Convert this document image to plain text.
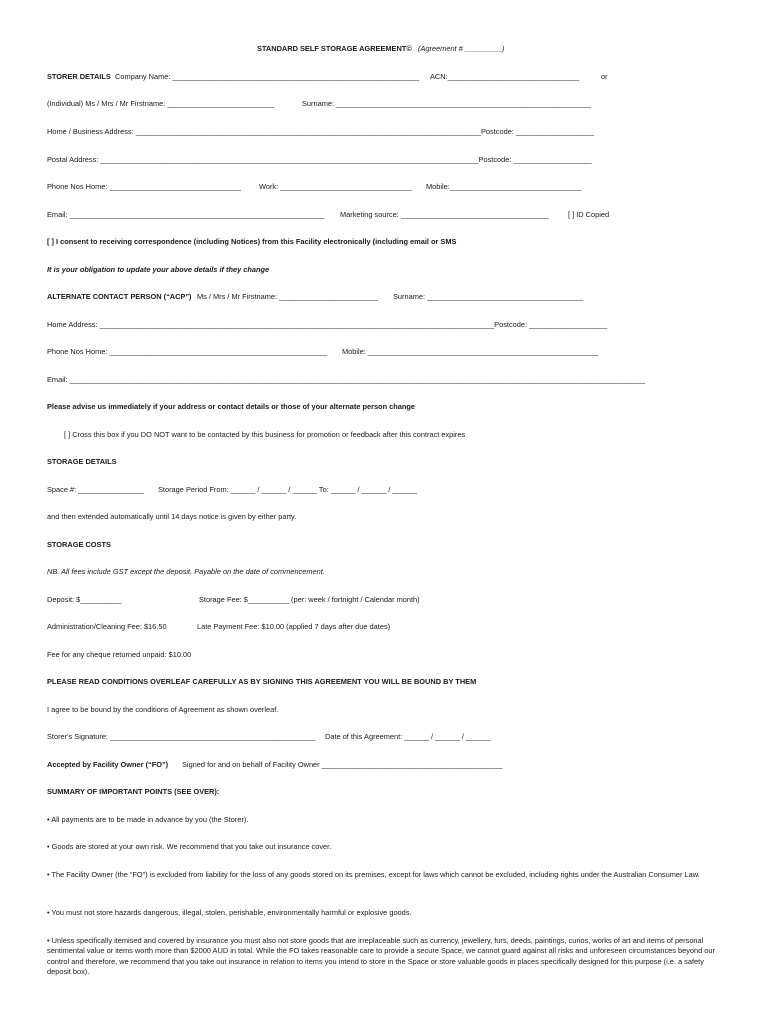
STANDARD SELF STORAGE AGREEMENT© (Agreement # _________)
STORER DETAILS Company Name: ____________________________________________________________ ACN:________________________________	or
(Individual) Ms / Mrs / Mr Firstname: __________________________	Surname: ______________________________________________________________
Home / Business Address: ____________________________________________________________________________________Postcode: ___________________
Postal Address: ____________________________________________________________________________________________Postcode: ___________________
Phone Nos Home: ________________________________ Work: ________________________________ Mobile:________________________________
Email: ______________________________________________________________ Marketing source: ____________________________________	[ ] ID Copied
[ ] I consent to receiving correspondence (including Notices) from this Facility electronically (including email or SMS
It is your obligation to update your above details if they change
ALTERNATE CONTACT PERSON (“ACP”) Ms / Mrs / Mr Firstname: ________________________ Surname: ______________________________________
Home Address: ________________________________________________________________________________________________Postcode: ___________________
Phone Nos Home: _____________________________________________________ Mobile: ________________________________________________________
Email: ____________________________________________________________________________________________________________________________________________
Please advise us immediately if your address or contact details or those of your alternate person change
[ ] Cross this box if you DO NOT want to be contacted by this business for promotion or feedback after this contract expires
STORAGE DETAILS
Space #: ________________ Storage Period From: ______ / ______ / ______ To: ______ / ______ / ______
and then extended automatically until 14 days notice is given by either party.
STORAGE COSTS
NB. All fees include GST except the deposit. Payable on the date of commencement.
Deposit: $__________	Storage Fee: $__________ (per: week / fortnight / Calendar month)
Administration/Cleaning Fee: $16.50	Late Payment Fee: $10.00 (applied 7 days after due dates)
Fee for any cheque returned unpaid: $10.00
PLEASE READ CONDITIONS OVERLEAF CAREFULLY AS BY SIGNING THIS AGREEMENT YOU WILL BE BOUND BY THEM
I agree to be bound by the conditions of Agreement as shown overleaf.
Storer's Signature: __________________________________________________ Date of this Agreement: ______ / ______ / ______
Accepted by Facility Owner (“FO”) Signed for and on behalf of Facility Owner ____________________________________________
SUMMARY OF IMPORTANT POINTS (SEE OVER):
• All payments are to be made in advance by you (the Storer).
• Goods are stored at your own risk. We recommend that you take out insurance cover.
• The Facility Owner (the “FO”) is excluded from liability for the loss of any goods stored on its premises, except for laws which cannot be excluded, including rights under the Australian Consumer Law.
• You must not store hazards dangerous, illegal, stolen, perishable, environmentally harmful or explosive goods.
• Unless specifically itemised and covered by insurance you must also not store goods that are irreplaceable such as currency, jewellery, furs, deeds, paintings, curios, works of art and items of personal sentimental value or items worth more than $2000 AUD in total. While the FO takes reasonable care to provide a secure Space, we cannot guard against all risks and unforeseen circumstances beyond our control and therefore, we recommend that you take out insurance in relation to items you intend to store in the Space or store valuable goods in places specifically designed for this purpose (i.e. a safety deposit box).
